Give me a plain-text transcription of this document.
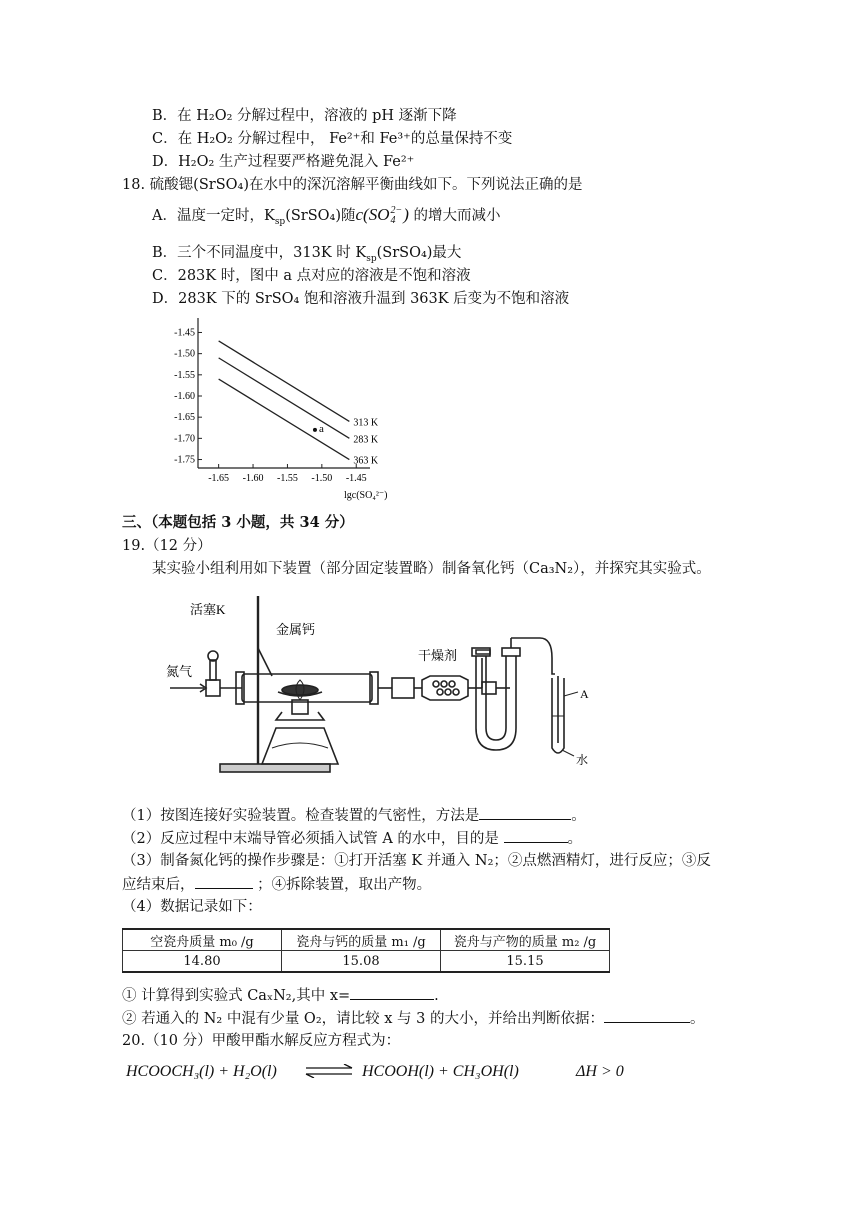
B．在 H₂O₂ 分解过程中，溶液的 pH 逐渐下降
C．在 H₂O₂ 分解过程中， Fe²⁺和 Fe³⁺的总量保持不变
D．H₂O₂ 生产过程要严格避免混入 Fe²⁺
18. 硫酸锶(SrSO₄)在水中的深沉溶解平衡曲线如下。下列说法正确的是
A．温度一定时，$K_{sp}(SrSO_4)$随c(SO 2−
4 ) 的增大而减小
B．三个不同温度中，313K 时 $K_{sp}(SrSO_4)$最大
C．283K 时，图中 a 点对应的溶液是不饱和溶液
D．283K 下的 SrSO₄ 饱和溶液升温到 363K 后变为不饱和溶液
-1.65 -1.60 -1.55 -1.50 -1.45
-1.45
-1.50
-1.55
-1.60
-1.65
-1.70
-1.75
313 K
283 K
363 K
a
lgc(SO₄²⁻)
三、（本题包括 3 小题，共 34 分）
19.（12 分）
某实验小组利用如下装置（部分固定装置略）制备氧化钙（Ca₃N₂），并探究其实验式。
活塞K
金属钙
干燥剂
氮气
A
水
（1）按图连接好实验装置。检查装置的气密性，方法是	。
（2）反应过程中末端导管必须插入试管 A 的水中，目的是	。
（3）制备氮化钙的操作步骤是：①打开活塞 K 并通入 N₂；②点燃酒精灯，进行反应；③反
应结束后，	；④拆除装置，取出产物。
（4）数据记录如下：
空瓷舟质量 m₀ /g	瓷舟与钙的质量 m₁ /g	瓷舟与产物的质量 m₂ /g
14.80	15.08	15.15
① 计算得到实验式 CaₓN₂,其中 x=	.
② 若通入的 N₂ 中混有少量 O₂，请比较 x 与 3 的大小，并给出判断依据：	。
20.（10 分）甲酸甲酯水解反应方程式为：
HCOOCH₃(l) + H₂O(l) ⇌ HCOOH(l) + CH₃OH(l)	ΔH > 0
